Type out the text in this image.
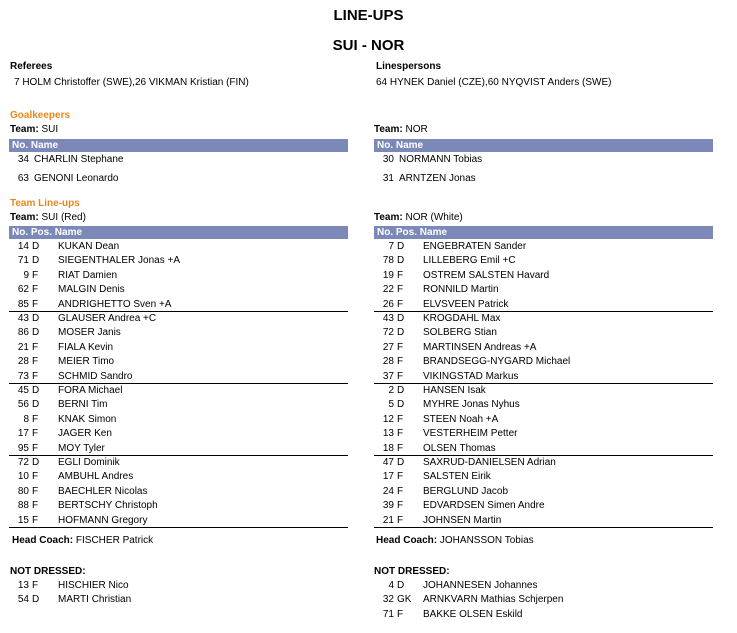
LINE-UPS
SUI - NOR
Referees
7 HOLM Christoffer (SWE),26 VIKMAN Kristian (FIN)
Linespersons
64 HYNEK Daniel (CZE),60 NYQVIST Anders (SWE)
Goalkeepers
Team: SUI	Team: NOR
No. Name	No. Name
34 CHARLIN Stephane
63 GENONI Leonardo
30 NORMANN Tobias
31 ARNTZEN Jonas
Team Line-ups
Team: SUI (Red)	Team: NOR (White)
No. Pos. Name	No. Pos. Name
14 D KUKAN Dean
71 D SIEGENTHALER Jonas +A
9 F RIAT Damien
62 F MALGIN Denis
85 F ANDRIGHETTO Sven +A
43 D GLAUSER Andrea +C
86 D MOSER Janis
21 F FIALA Kevin
28 F MEIER Timo
73 F SCHMID Sandro
45 D FORA Michael
56 D BERNI Tim
8 F KNAK Simon
17 F JAGER Ken
95 F MOY Tyler
72 D EGLI Dominik
10 F AMBUHL Andres
80 F BAECHLER Nicolas
88 F BERTSCHY Christoph
15 F HOFMANN Gregory
7 D ENGEBRATEN Sander
78 D LILLEBERG Emil +C
19 F OSTREM SALSTEN Havard
22 F RONNILD Martin
26 F ELVSVEEN Patrick
43 D KROGDAHL Max
72 D SOLBERG Stian
27 F MARTINSEN Andreas +A
28 F BRANDSEGG-NYGARD Michael
37 F VIKINGSTAD Markus
2 D HANSEN Isak
5 D MYHRE Jonas Nyhus
12 F STEEN Noah +A
13 F VESTERHEIM Petter
18 F OLSEN Thomas
47 D SAXRUD-DANIELSEN Adrian
17 F SALSTEN Eirik
24 F BERGLUND Jacob
39 F EDVARDSEN Simen Andre
21 F JOHNSEN Martin
Head Coach: FISCHER Patrick	Head Coach: JOHANSSON Tobias
NOT DRESSED:	NOT DRESSED:
13 F HISCHIER Nico
54 D MARTI Christian
4 D JOHANNESEN Johannes
32 GK ARNKVARN Mathias Schjerpen
71 F BAKKE OLSEN Eskild
